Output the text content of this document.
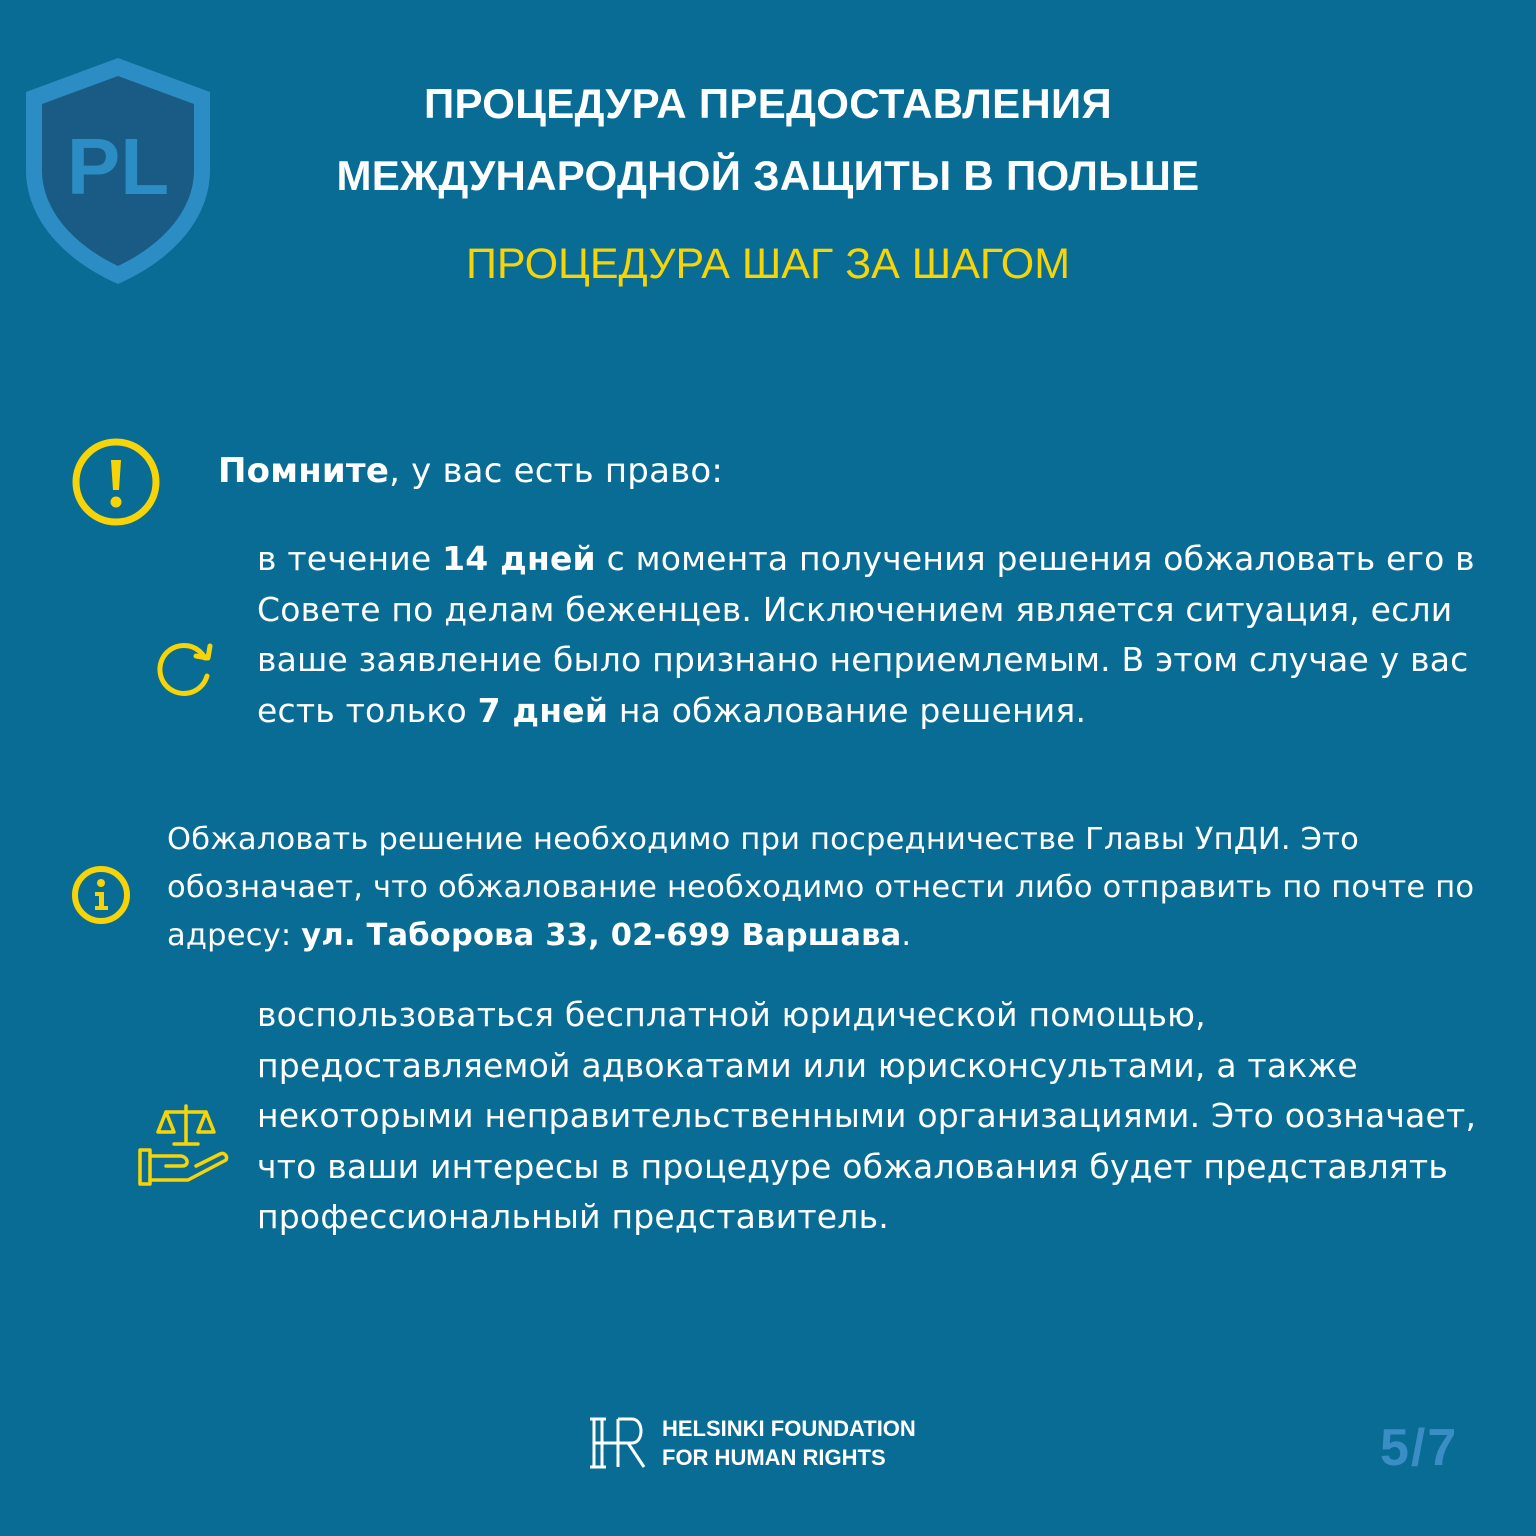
PL
ПРОЦЕДУРА ПРЕДОСТАВЛЕНИЯ
МЕЖДУНАРОДНОЙ ЗАЩИТЫ В ПОЛЬШЕ
ПРОЦЕДУРА ШАГ ЗА ШАГОМ
Помните, у вас есть право:
в течение 14 дней с момента получения решения обжаловать его в Совете по делам беженцев. Исключением является ситуация, если ваше заявление было признано неприемлемым. В этом случае у вас есть только 7 дней на обжалование решения.
Обжаловать решение необходимо при посредничестве Главы УпДИ. Это обозначает, что обжалование необходимо отнести либо отправить по почте по адресу: ул. Таборова 33, 02-699 Варшава.
воспользоваться бесплатной юридической помощью, предоставляемой адвокатами или юрисконсультами, а также некоторыми неправительственными организациями. Это оозначает, что ваши интересы в процедуре обжалования будет представлять профессиональный представитель.
HELSINKI FOUNDATION
FOR HUMAN RIGHTS	5/7
